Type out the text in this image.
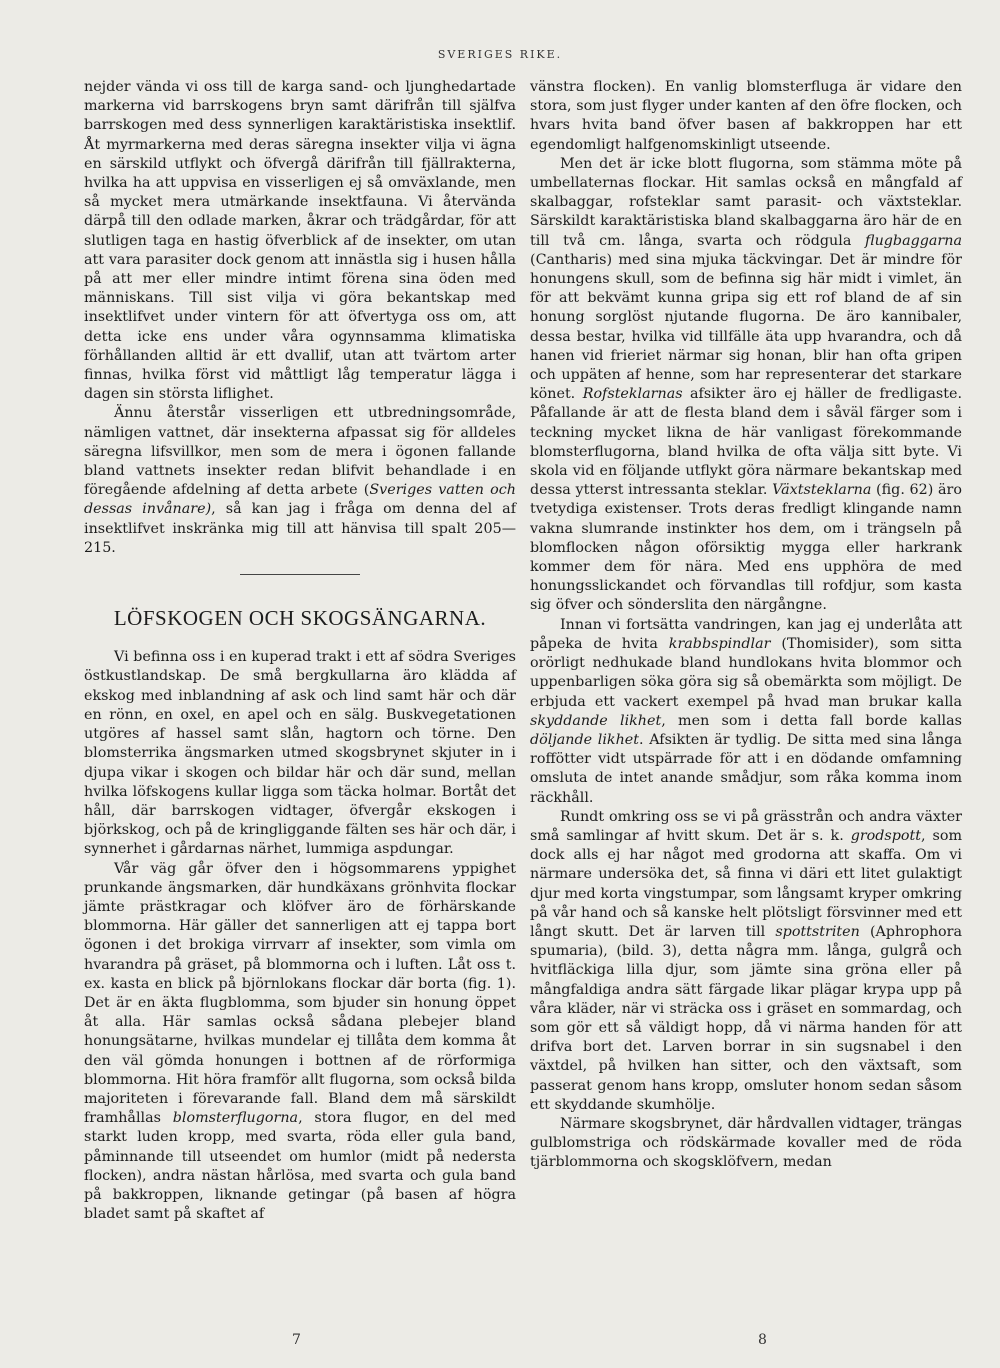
SVERIGES RIKE.

nejder vända vi oss till de karga sand- och ljunghedartade markerna vid barrskogens bryn samt därifrån till själfva barrskogen med dess synnerligen karaktäristiska insektlif. Åt myrmarkerna med deras säregna insekter vilja vi ägna en särskild utflykt och öfvergå därifrån till fjällrakterna, hvilka ha att uppvisa en visserligen ej så omväxlande, men så mycket mera utmärkande insektfauna. Vi återvända därpå till den odlade marken, åkrar och trädgårdar, för att slutligen taga en hastig öfverblick af de insekter, om utan att vara parasiter dock genom att innästla sig i husen hålla på att mer eller mindre intimt förena sina öden med människans. Till sist vilja vi göra bekantskap med insektlifvet under vintern för att öfvertyga oss om, att detta icke ens under våra ogynnsamma klimatiska förhållanden alltid är ett dvallif, utan att tvärtom arter finnas, hvilka först vid måttligt låg temperatur lägga i dagen sin största liflighet.

Ännu återstår visserligen ett utbredningsområde, nämligen vattnet, där insekterna afpassat sig för alldeles säregna lifsvillkor, men som de mera i ögonen fallande bland vattnets insekter redan blifvit behandlade i en föregående afdelning af detta arbete (Sveriges vatten och dessas invånare), så kan jag i fråga om denna del af insektlifvet inskränka mig till att hänvisa till spalt 205—215.

LÖFSKOGEN OCH SKOGSÄNGARNA.

Vi befinna oss i en kuperad trakt i ett af södra Sveriges östkustlandskap. De små bergkullarna äro klädda af ekskog med inblandning af ask och lind samt här och där en rönn, en oxel, en apel och en sälg. Buskvegetationen utgöres af hassel samt slån, hagtorn och törne. Den blomsterrika ängsmarken utmed skogsbrynet skjuter in i djupa vikar i skogen och bildar här och där sund, mellan hvilka löfskogens kullar ligga som täcka holmar. Bortåt det håll, där barrskogen vidtager, öfvergår ekskogen i björkskog, och på de kringliggande fälten ses här och där, i synnerhet i gårdarnas närhet, lummiga aspdungar.

Vår väg går öfver den i högsommarens yppighet prunkande ängsmarken, där hundkäxans grönhvita flockar jämte prästkragar och klöfver äro de förhärskande blommorna. Här gäller det sannerligen att ej tappa bort ögonen i det brokiga virrvarr af insekter, som vimla om hvarandra på gräset, på blommorna och i luften. Låt oss t. ex. kasta en blick på björnlokans flockar där borta (fig. 1). Det är en äkta flugblomma, som bjuder sin honung öppet åt alla. Här samlas också sådana plebejer bland honungsätarne, hvilkas mundelar ej tillåta dem komma åt den väl gömda honungen i bottnen af de rörformiga blommorna. Hit höra framför allt flugorna, som också bilda majoriteten i förevarande fall. Bland dem må särskildt framhållas blomsterflugorna, stora flugor, en del med starkt luden kropp, med svarta, röda eller gula band, påminnande till utseendet om humlor (midt på nedersta flocken), andra nästan hårlösa, med svarta och gula band på bakkroppen, liknande getingar (på basen af högra bladet samt på skaftet af

vänstra flocken). En vanlig blomsterfluga är vidare den stora, som just flyger under kanten af den öfre flocken, och hvars hvita band öfver basen af bakkroppen har ett egendomligt halfgenomskinligt utseende.

Men det är icke blott flugorna, som stämma möte på umbellaternas flockar. Hit samlas också en mångfald af skalbaggar, rofsteklar samt parasit- och växtsteklar. Särskildt karaktäristiska bland skalbaggarna äro här de en till två cm. långa, svarta och rödgula flugbaggarna (Cantharis) med sina mjuka täckvingar. Det är mindre för honungens skull, som de befinna sig här midt i vimlet, än för att bekvämt kunna gripa sig ett rof bland de af sin honung sorglöst njutande flugorna. De äro kannibaler, dessa bestar, hvilka vid tillfälle äta upp hvarandra, och då hanen vid frieriet närmar sig honan, blir han ofta gripen och uppäten af henne, som har representerar det starkare könet. Rofsteklarnas afsikter äro ej häller de fredligaste. Påfallande är att de flesta bland dem i såväl färger som i teckning mycket likna de här vanligast förekommande blomsterflugorna, bland hvilka de ofta välja sitt byte. Vi skola vid en följande utflykt göra närmare bekantskap med dessa ytterst intressanta steklar. Växtsteklarna (fig. 62) äro tvetydiga existenser. Trots deras fredligt klingande namn vakna slumrande instinkter hos dem, om i trängseln på blomflocken någon oförsiktig mygga eller harkrank kommer dem för nära. Med ens upphöra de med honungsslickandet och förvandlas till rofdjur, som kasta sig öfver och sönderslita den närgångne.

Innan vi fortsätta vandringen, kan jag ej underlåta att påpeka de hvita krabbspindlar (Thomisider), som sitta orörligt nedhukade bland hundlokans hvita blommor och uppenbarligen söka göra sig så obemärkta som möjligt. De erbjuda ett vackert exempel på hvad man brukar kalla skyddande likhet, men som i detta fall borde kallas döljande likhet. Afsikten är tydlig. De sitta med sina långa roffötter vidt utspärrade för att i en dödande omfamning omsluta de intet anande smådjur, som råka komma inom räckhåll.

Rundt omkring oss se vi på grässtrån och andra växter små samlingar af hvitt skum. Det är s. k. grodspott, som dock alls ej har något med grodorna att skaffa. Om vi närmare undersöka det, så finna vi däri ett litet gulaktigt djur med korta vingstumpar, som långsamt kryper omkring på vår hand och så kanske helt plötsligt försvinner med ett långt skutt. Det är larven till spottstriten (Aphrophora spumaria), (bild. 3), detta några mm. långa, gulgrå och hvitfläckiga lilla djur, som jämte sina gröna eller på mångfaldiga andra sätt färgade likar plägar krypa upp på våra kläder, när vi sträcka oss i gräset en sommardag, och som gör ett så väldigt hopp, då vi närma handen för att drifva bort det. Larven borrar in sin sugsnabel i den växtdel, på hvilken han sitter, och den växtsaft, som passerat genom hans kropp, omsluter honom sedan såsom ett skyddande skumhölje.

Närmare skogsbrynet, där hårdvallen vidtager, trängas gulblomstriga och rödskärmade kovaller med de röda tjärblommorna och skogsklöfvern, medan

7	8
